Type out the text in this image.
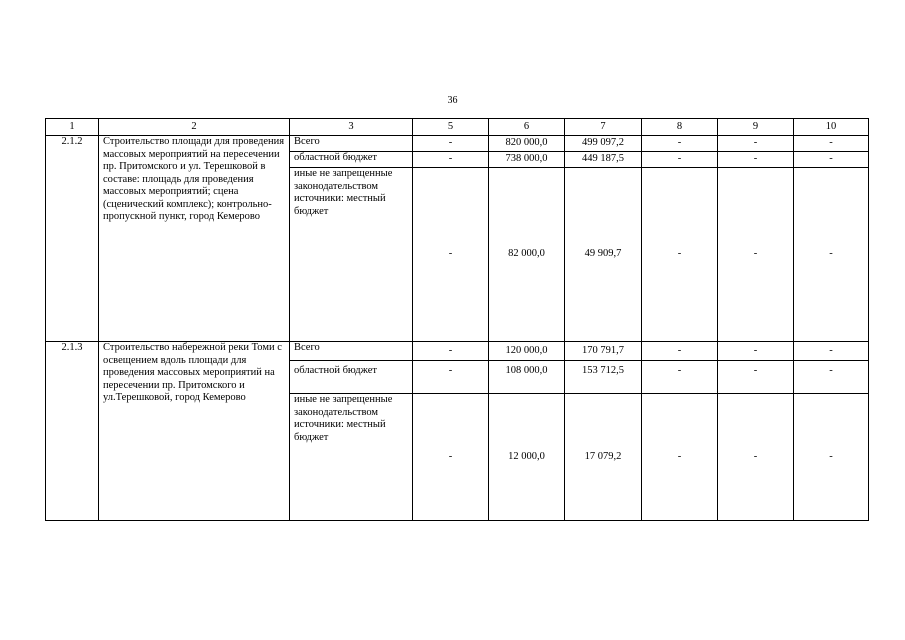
36
1	2	3	5	6	7	8	9	10
2.1.2	Строительство площади для проведения массовых мероприятий на пересечении пр. Притомского и ул. Терешковой в составе: площадь для проведения массовых мероприятий; сцена (сценический комплекс); контрольно-пропускной пункт, город Кемерово	Всего	-	820 000,0	499 097,2	-	-	-
		областной бюджет	-	738 000,0	449 187,5	-	-	-
		иные не запрещенные законодательством источники: местный бюджет	-	82 000,0	49 909,7	-	-	-
2.1.3	Строительство набережной реки Томи с освещением вдоль площади для проведения массовых мероприятий на пересечении пр. Притомского и ул.Терешковой, город Кемерово	Всего	-	120 000,0	170 791,7	-	-	-
		областной бюджет	-	108 000,0	153 712,5	-	-	-
		иные не запрещенные законодательством источники: местный бюджет	-	12 000,0	17 079,2	-	-	-
